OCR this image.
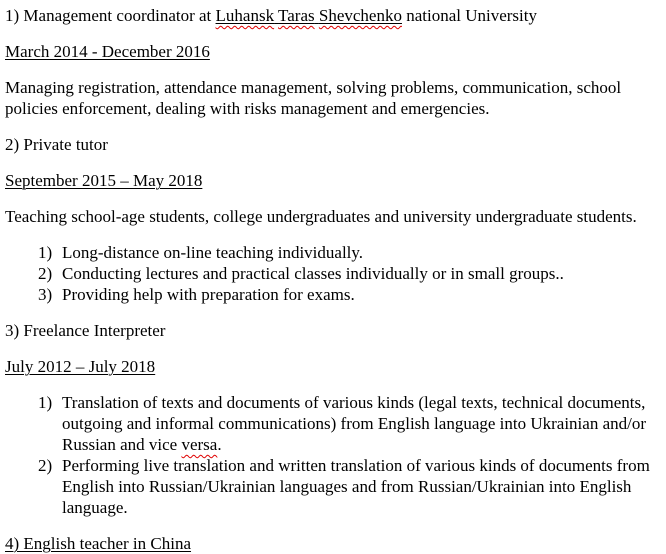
1) Management coordinator at Luhansk Taras Shevchenko national University
March 2014 - December 2016
Managing registration, attendance management, solving problems, communication, school policies enforcement, dealing with risks management and emergencies.
2) Private tutor
September 2015 – May 2018
Teaching school-age students, college undergraduates and university undergraduate students.
1) Long-distance on-line teaching individually.
2) Conducting lectures and practical classes individually or in small groups..
3) Providing help with preparation for exams.
3) Freelance Interpreter
July 2012 – July 2018
1) Translation of texts and documents of various kinds (legal texts, technical documents, outgoing and informal communications) from English language into Ukrainian and/or Russian and vice versa.
2) Performing live translation and written translation of various kinds of documents from English into Russian/Ukrainian languages and from Russian/Ukrainian into English language.
4) English teacher in China
